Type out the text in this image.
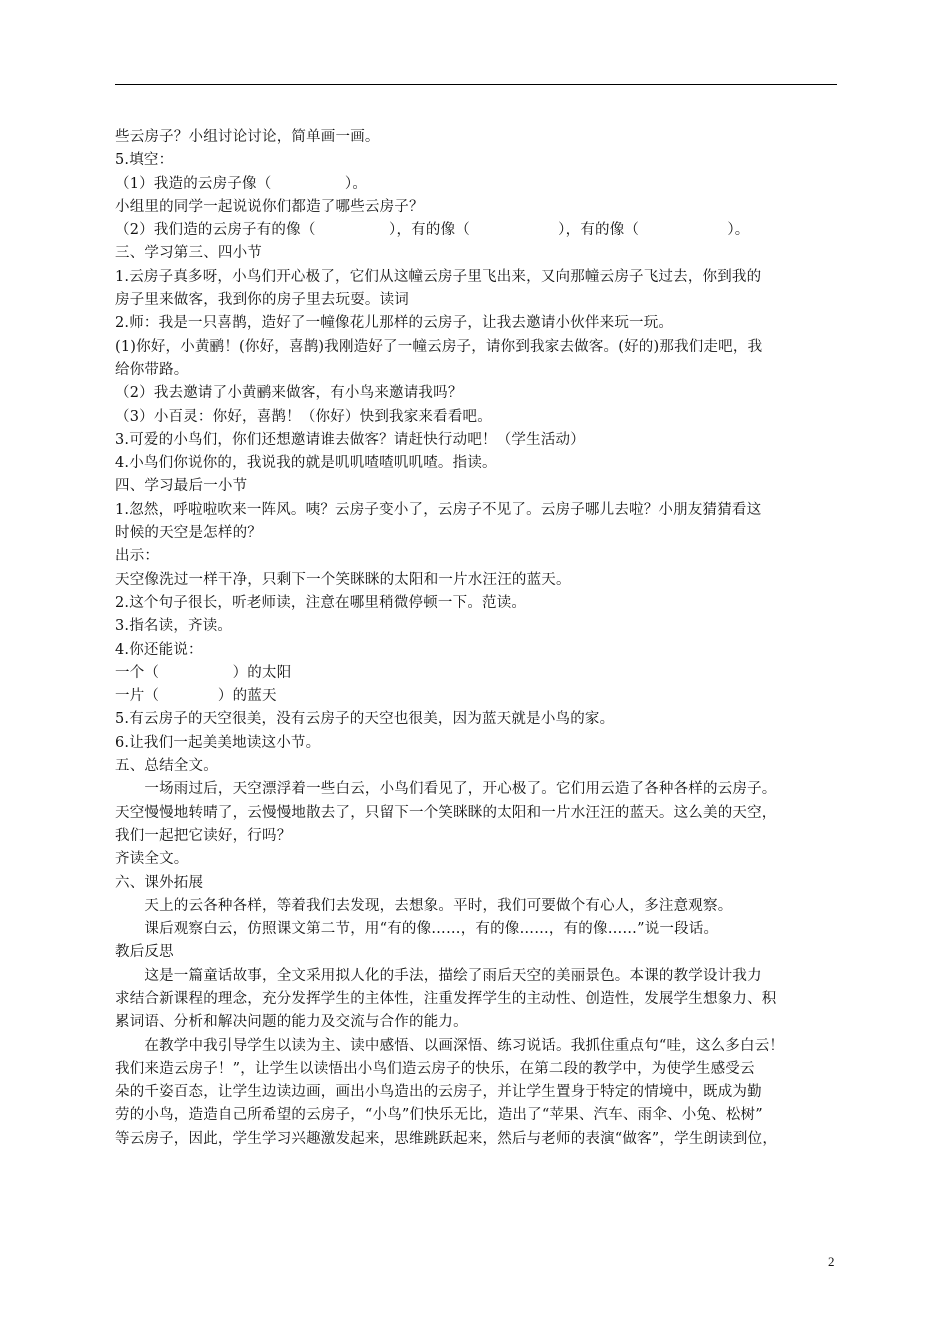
些云房子？小组讨论讨论，简单画一画。

5.填空：

（1）我造的云房子像（　　　　　）。

小组里的同学一起说说你们都造了哪些云房子？

（2）我们造的云房子有的像（　　　　　），有的像（　　　　　　），有的像（　　　　　　）。

三、学习第三、四小节

1.云房子真多呀，小鸟们开心极了，它们从这幢云房子里飞出来，又向那幢云房子飞过去，你到我的

房子里来做客，我到你的房子里去玩耍。读词

2.师：我是一只喜鹊，造好了一幢像花儿那样的云房子，让我去邀请小伙伴来玩一玩。

(1)你好，小黄鹂！(你好，喜鹊)我刚造好了一幢云房子，请你到我家去做客。(好的)那我们走吧，我

给你带路。

（2）我去邀请了小黄鹂来做客，有小鸟来邀请我吗？

（3）小百灵：你好，喜鹊！（你好）快到我家来看看吧。

3.可爱的小鸟们，你们还想邀请谁去做客？请赶快行动吧！（学生活动）

4.小鸟们你说你的，我说我的就是叽叽喳喳叽叽喳。指读。

四、学习最后一小节

1.忽然，呼啦啦吹来一阵风。咦？云房子变小了，云房子不见了。云房子哪儿去啦？小朋友猜猜看这

时候的天空是怎样的？

出示：

天空像洗过一样干净，只剩下一个笑眯眯的太阳和一片水汪汪的蓝天。

2.这个句子很长，听老师读，注意在哪里稍微停顿一下。范读。

3.指名读，齐读。

4.你还能说：

一个（　　　　　）的太阳

一片（　　　　）的蓝天

5.有云房子的天空很美，没有云房子的天空也很美，因为蓝天就是小鸟的家。

6.让我们一起美美地读这小节。

五、总结全文。

　　一场雨过后，天空漂浮着一些白云，小鸟们看见了，开心极了。它们用云造了各种各样的云房子。

天空慢慢地转晴了，云慢慢地散去了，只留下一个笑眯眯的太阳和一片水汪汪的蓝天。这么美的天空，

我们一起把它读好，行吗？

齐读全文。

六、课外拓展

　　天上的云各种各样，等着我们去发现，去想象。平时，我们可要做个有心人，多注意观察。

　　课后观察白云，仿照课文第二节，用“有的像……，有的像……，有的像……”说一段话。

教后反思

　　这是一篇童话故事，全文采用拟人化的手法，描绘了雨后天空的美丽景色。本课的教学设计我力

求结合新课程的理念，充分发挥学生的主体性，注重发挥学生的主动性、创造性，发展学生想象力、积

累词语、分析和解决问题的能力及交流与合作的能力。

　　在教学中我引导学生以读为主、读中感悟、以画深悟、练习说话。我抓住重点句“哇，这么多白云！

我们来造云房子！”，让学生以读悟出小鸟们造云房子的快乐，在第二段的教学中，为使学生感受云

朵的千姿百态，让学生边读边画，画出小鸟造出的云房子，并让学生置身于特定的情境中，既成为勤

劳的小鸟，造造自己所希望的云房子，“小鸟”们快乐无比，造出了“苹果、汽车、雨伞、小兔、松树”

等云房子，因此，学生学习兴趣激发起来，思维跳跃起来，然后与老师的表演“做客”，学生朗读到位，

2
